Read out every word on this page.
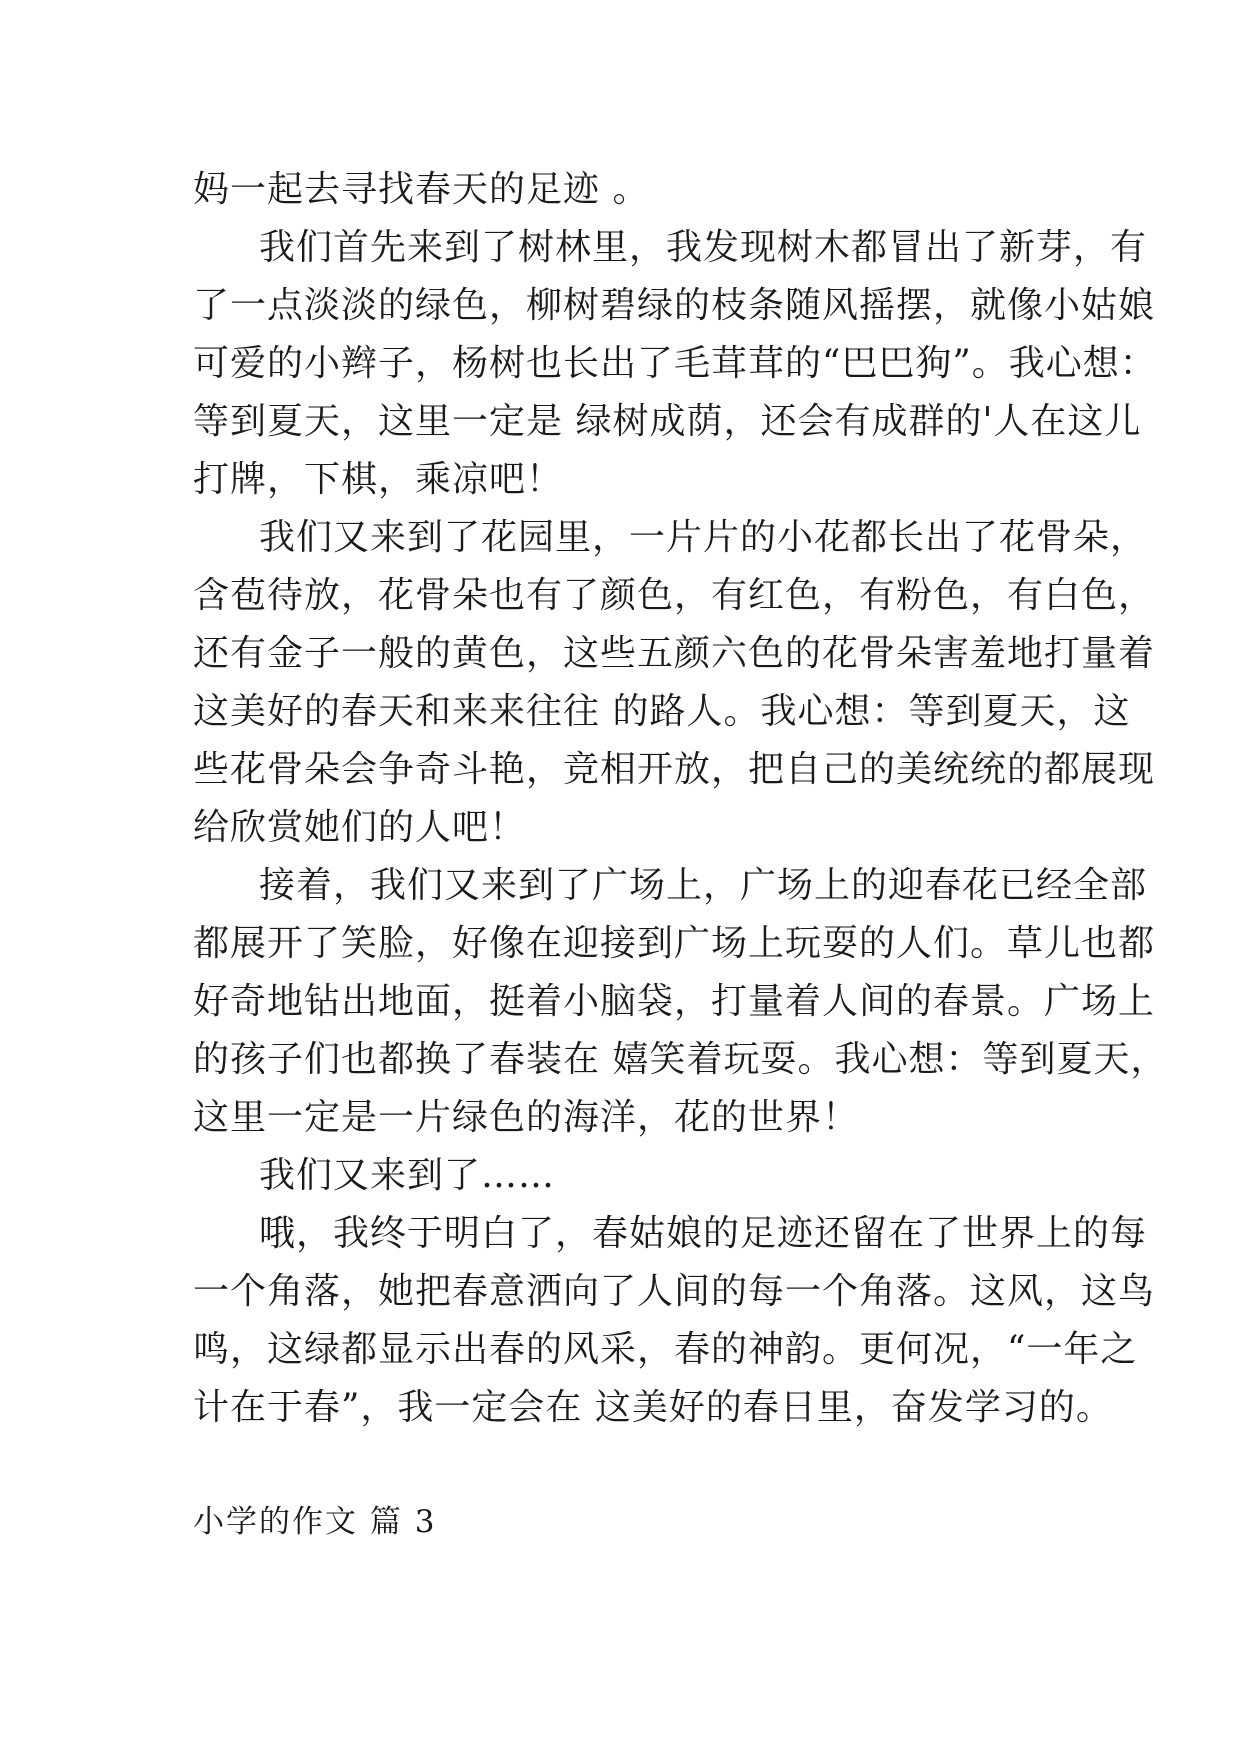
妈一起去寻找春天的足迹 。
我们首先来到了树林里，我发现树木都冒出了新芽，有
了一点淡淡的绿色，柳树碧绿的枝条随风摇摆，就像小姑娘
可爱的小辫子，杨树也长出了毛茸茸的“巴巴狗”。我心想：
等到夏天，这里一定是 绿树成荫，还会有成群的'人在这儿
打牌，下棋，乘凉吧！
我们又来到了花园里，一片片的小花都长出了花骨朵，
含苞待放，花骨朵也有了颜色，有红色，有粉色，有白色，
还有金子一般的黄色，这些五颜六色的花骨朵害羞地打量着
这美好的春天和来来往往 的路人。我心想：等到夏天，这
些花骨朵会争奇斗艳，竞相开放，把自己的美统统的都展现
给欣赏她们的人吧！
接着，我们又来到了广场上，广场上的迎春花已经全部
都展开了笑脸，好像在迎接到广场上玩耍的人们。草儿也都
好奇地钻出地面，挺着小脑袋，打量着人间的春景。广场上
的孩子们也都换了春装在 嬉笑着玩耍。我心想：等到夏天，
这里一定是一片绿色的海洋，花的世界！
我们又来到了……
哦，我终于明白了，春姑娘的足迹还留在了世界上的每
一个角落，她把春意洒向了人间的每一个角落。这风，这鸟
鸣，这绿都显示出春的风采，春的神韵。更何况，“一年之
计在于春”，我一定会在 这美好的春日里，奋发学习的。
小学的作文 篇 3
